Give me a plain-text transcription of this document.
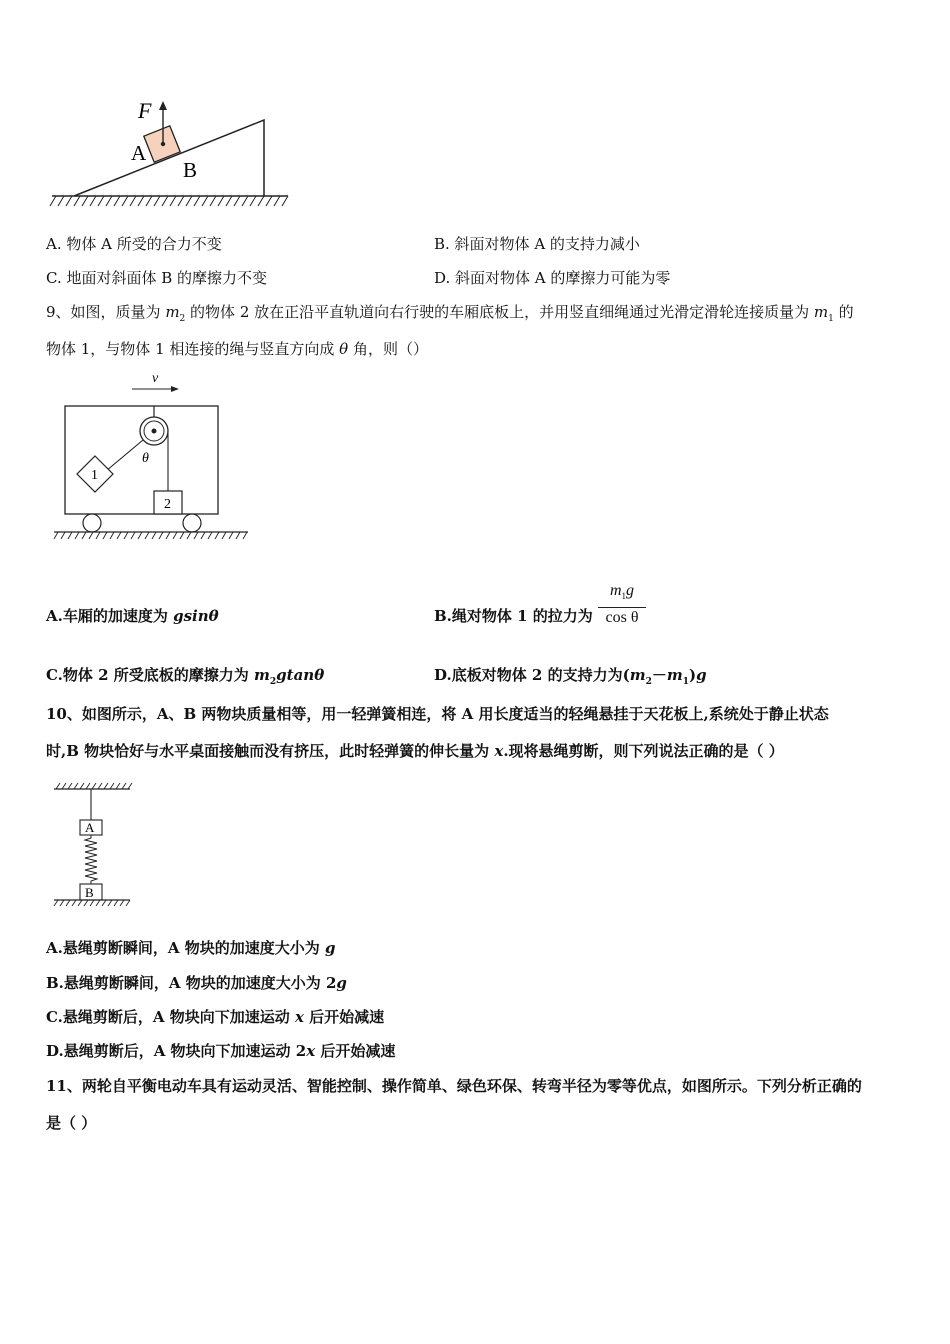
F
A
B
A. 物体 A 所受的合力不变	B. 斜面对物体 A 的支持力减小
C. 地面对斜面体 B 的摩擦力不变	D. 斜面对物体 A 的摩擦力可能为零
9、如图，质量为 $m_2$ 的物体 2 放在正沿平直轨道向右行驶的车厢底板上，并用竖直细绳通过光滑定滑轮连接质量为 $m_1$ 的
物体 1，与物体 1 相连接的绳与竖直方向成 θ 角，则（）
v
θ
1
2
A.车厢的加速度为 gsinθ	B.绳对物体 1 的拉力为 $\frac{m_1g}{\text{cos θ}}$
C.物体 2 所受底板的摩擦力为 $m_2gtan\theta$	D.底板对物体 2 的支持力为$(m_2-m_1)g$
10、如图所示，A、B 两物块质量相等，用一轻弹簧相连，将 A 用长度适当的轻绳悬挂于天花板上,系统处于静止状态
时,B 物块恰好与水平桌面接触而没有挤压，此时轻弹簧的伸长量为 x.现将悬绳剪断，则下列说法正确的是（ ）
A
B
A.悬绳剪断瞬间，A 物块的加速度大小为 g
B.悬绳剪断瞬间，A 物块的加速度大小为 2g
C.悬绳剪断后，A 物块向下加速运动 x 后开始减速
D.悬绳剪断后，A 物块向下加速运动 2x 后开始减速
11、两轮自平衡电动车具有运动灵活、智能控制、操作简单、绿色环保、转弯半径为零等优点，如图所示。下列分析正确的
是（ ）
